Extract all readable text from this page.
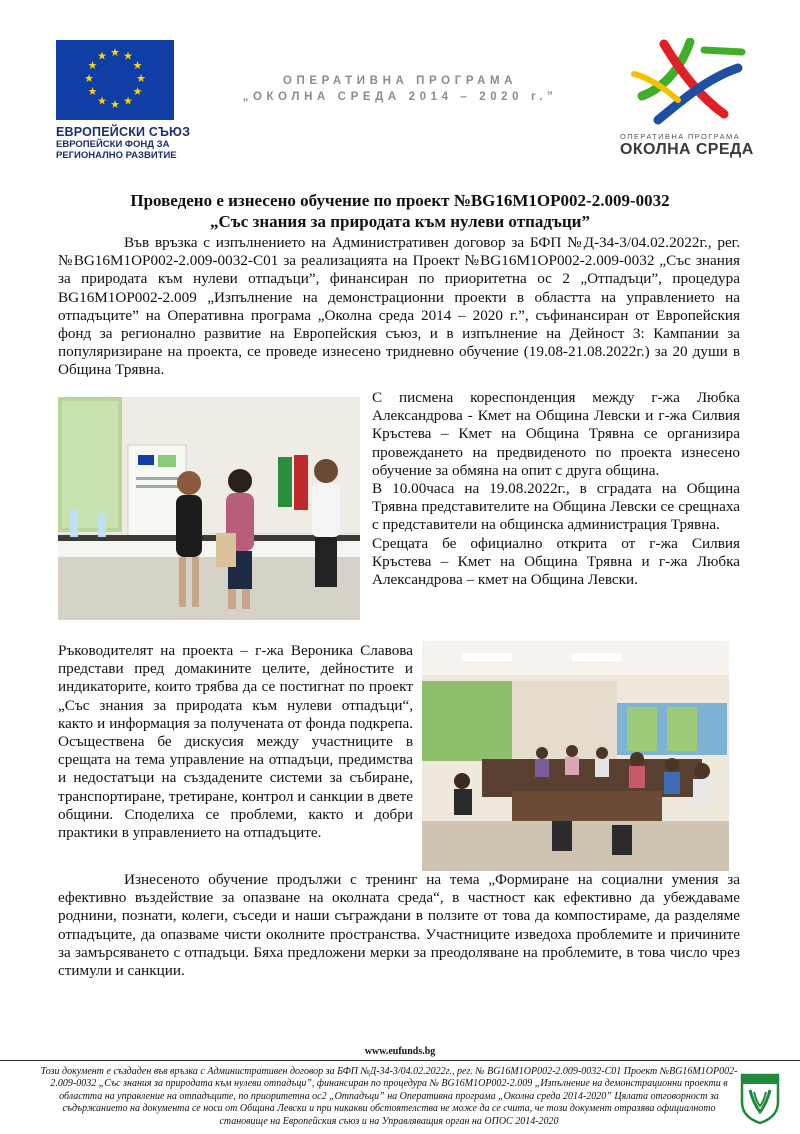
★ ★
★
★
★
★
★
★
★
★
★
★
ЕВРОПЕЙСКИ СЪЮЗ
ЕВРОПЕЙСКИ ФОНД ЗА
РЕГИОНАЛНО РАЗВИТИЕ
ОПЕРАТИВНА ПРОГРАМА
„ОКОЛНА СРЕДА 2014 – 2020 г.”
ОПЕРАТИВНА ПРОГРАМА
ОКОЛНА СРЕДА
Проведено е изнесено обучение по проект №BG16M1OP002-2.009-0032
„Със знания за природата към нулеви отпадъци”
Във връзка с изпълнението на Административен договор за БФП №Д-34-3/04.02.2022г., рег. №BG16M1OP002-2.009-0032-C01 за реализацията на Проект №BG16M1OP002-2.009-0032 „Със знания за природата към нулеви отпадъци”, финансиран по приоритетна ос 2 „Отпадъци”, процедура BG16M1OP002-2.009 „Изпълнение на демонстрационни проекти в областта на управлението на отпадъците” на Оперативна програма „Околна среда 2014 – 2020 г.”, съфинансиран от Европейския фонд за регионално развитие на Европейския съюз, и в изпълнение на Дейност 3: Кампании за популяризиране на проекта, се проведе изнесено тридневно обучение (19.08-21.08.2022г.) за 20 души в Община Трявна.
С писмена кореспонденция между г-жа Любка Александрова - Кмет на Община Левски и г-жа Силвия Кръстева – Кмет на Община Трявна се организира провеждането на предвиденото по проекта изнесено обучение за обмяна на опит с друга община.
В 10.00часа на 19.08.2022г., в сградата на Община Трявна представителите на Община Левски се срещнаха с представители на общинска администрация Трявна.
Срещата бе официално открита от г-жа Силвия Кръстева – Кмет на Община Трявна и г-жа Любка Александрова – кмет на Община Левски.
Ръководителят на проекта – г-жа Вероника Славова представи пред домакините целите, дейностите и индикаторите, които трябва да се постигнат по проект „Със знания за природата към нулеви отпадъци“, както и информация за получената от фонда подкрепа. Осъществена бе дискусия между участниците в срещата на тема управление на отпадъци, предимства и недостатъци на създадените системи за събиране, транспортиране, третиране, контрол и санкции в двете общини. Споделиха се проблеми, както и добри практики в управлението на отпадъците.
Изнесеното обучение продължи с тренинг на тема „Формиране на социални умения за ефективно въздействие за опазване на околната среда“, в частност как ефективно да убеждаваме роднини, познати, колеги, съседи и наши съграждани в ползите от това да компостираме, да разделяме отпадъците, да опазваме чисти околните пространства. Участниците изведоха проблемите и причините за замърсяването с отпадъци. Бяха предложени мерки за преодоляване на проблемите, в това число чрез стимули и санкции.
www.eufunds.bg
Този документ е създаден във връзка с Административен договор за БФП №Д-34-3/04.02.2022г., рег. № BG16M1OP002-2.009-0032-C01 Проект №BG16M1OP002-2.009-0032 „Със знания за природата към нулеви отпадъци”, финансиран по процедура № BG16M1OP002-2.009 „Изпълнение на демонстрационни проекти в областта на управление на отпадъците, по приоритетна ос2 „Отпадъци” на Оперативна програма „Околна среда 2014-2020” Цялата отговорност за съдържанието на документа се носи от Община Левски и при никакви обстоятелства не може да се счита, че този документ отразява официалното становище на Европейския съюз и на Управляващия орган на ОПОС 2014-2020
